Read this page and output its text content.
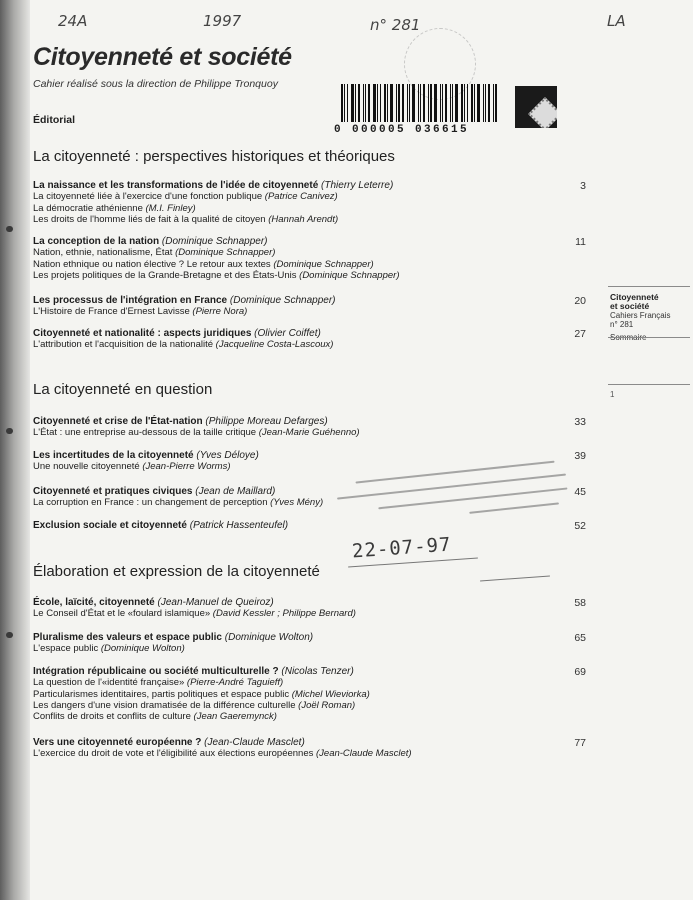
24A	1997	n° 281	LA
Citoyenneté et société
Cahier réalisé sous la direction de Philippe Tronquoy
Éditorial
0 000005 036615
La citoyenneté : perspectives historiques et théoriques
La citoyenneté en question
Élaboration et expression de la citoyenneté
La naissance et les transformations de l'idée de citoyenneté (Thierry Leterre)
La citoyenneté liée à l'exercice d'une fonction publique (Patrice Canivez)
La démocratie athénienne (M.I. Finley)
Les droits de l'homme liés de fait à la qualité de citoyen (Hannah Arendt)
3
La conception de la nation (Dominique Schnapper)
Nation, ethnie, nationalisme, État (Dominique Schnapper)
Nation ethnique ou nation élective ? Le retour aux textes (Dominique Schnapper)
Les projets politiques de la Grande-Bretagne et des États-Unis (Dominique Schnapper)
11
Les processus de l'intégration en France (Dominique Schnapper)
L'Histoire de France d'Ernest Lavisse (Pierre Nora)
20
Citoyenneté et nationalité : aspects juridiques (Olivier Coiffet)
L'attribution et l'acquisition de la nationalité (Jacqueline Costa-Lascoux)
27
Citoyenneté et crise de l'État-nation (Philippe Moreau Defarges)
L'État : une entreprise au-dessous de la taille critique (Jean-Marie Guéhenno)
33
Les incertitudes de la citoyenneté (Yves Déloye)
Une nouvelle citoyenneté (Jean-Pierre Worms)
39
Citoyenneté et pratiques civiques (Jean de Maillard)
La corruption en France : un changement de perception (Yves Mény)
45
Exclusion sociale et citoyenneté (Patrick Hassenteufel)	52
École, laïcité, citoyenneté (Jean-Manuel de Queiroz)
Le Conseil d'État et le «foulard islamique» (David Kessler ; Philippe Bernard)
58
Pluralisme des valeurs et espace public (Dominique Wolton)
L'espace public (Dominique Wolton)
65
Intégration républicaine ou société multiculturelle ? (Nicolas Tenzer)
La question de l'«identité française» (Pierre-André Taguieff)
Particularismes identitaires, partis politiques et espace public (Michel Wieviorka)
Les dangers d'une vision dramatisée de la différence culturelle (Joël Roman)
Conflits de droits et conflits de culture (Jean Gaeremynck)
69
Vers une citoyenneté européenne ? (Jean-Claude Masclet)
L'exercice du droit de vote et l'éligibilité aux élections européennes (Jean-Claude Masclet)
77
Citoyenneté
et société
Cahiers Français
n° 281

1
22-07-97
